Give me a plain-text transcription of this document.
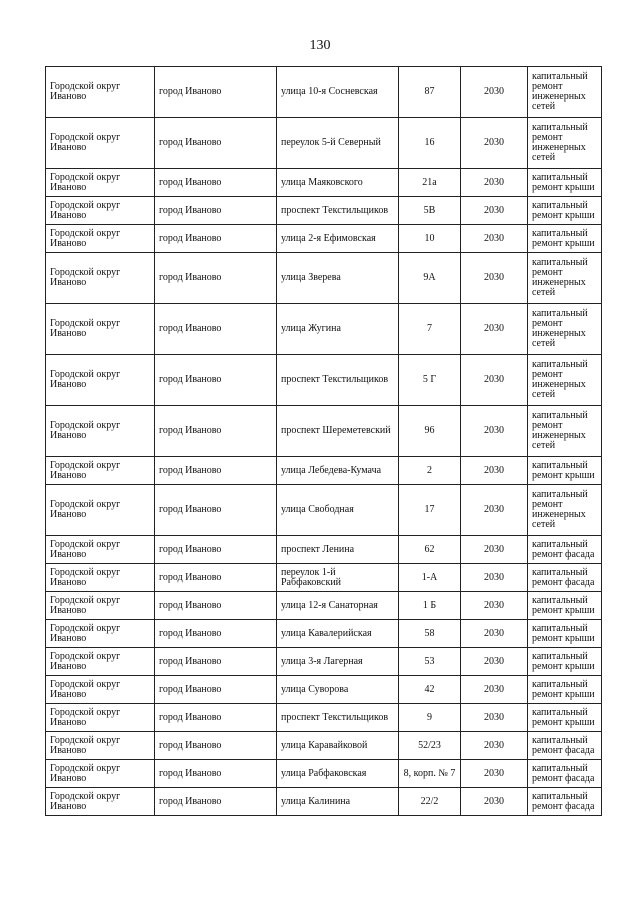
130
Городской округ Иваново	город Иваново	улица 10-я Сосневская	87	2030	капитальный ремонт инженерных сетей
Городской округ Иваново	город Иваново	переулок 5-й Северный	16	2030	капитальный ремонт инженерных сетей
Городской округ Иваново	город Иваново	улица Маяковского	21а	2030	капитальный ремонт крыши
Городской округ Иваново	город Иваново	проспект Текстильщиков	5В	2030	капитальный ремонт крыши
Городской округ Иваново	город Иваново	улица 2-я Ефимовская	10	2030	капитальный ремонт крыши
Городской округ Иваново	город Иваново	улица Зверева	9А	2030	капитальный ремонт инженерных сетей
Городской округ Иваново	город Иваново	улица Жугина	7	2030	капитальный ремонт инженерных сетей
Городской округ Иваново	город Иваново	проспект Текстильщиков	5 Г	2030	капитальный ремонт инженерных сетей
Городской округ Иваново	город Иваново	проспект Шереметевский	96	2030	капитальный ремонт инженерных сетей
Городской округ Иваново	город Иваново	улица Лебедева-Кумача	2	2030	капитальный ремонт крыши
Городской округ Иваново	город Иваново	улица Свободная	17	2030	капитальный ремонт инженерных сетей
Городской округ Иваново	город Иваново	проспект Ленина	62	2030	капитальный ремонт фасада
Городской округ Иваново	город Иваново	переулок 1-й Рабфаковский	1-А	2030	капитальный ремонт фасада
Городской округ Иваново	город Иваново	улица 12-я Санаторная	1 Б	2030	капитальный ремонт крыши
Городской округ Иваново	город Иваново	улица Кавалерийская	58	2030	капитальный ремонт крыши
Городской округ Иваново	город Иваново	улица 3-я Лагерная	53	2030	капитальный ремонт крыши
Городской округ Иваново	город Иваново	улица Суворова	42	2030	капитальный ремонт крыши
Городской округ Иваново	город Иваново	проспект Текстильщиков	9	2030	капитальный ремонт крыши
Городской округ Иваново	город Иваново	улица Каравайковой	52/23	2030	капитальный ремонт фасада
Городской округ Иваново	город Иваново	улица Рабфаковская	8, корп. № 7	2030	капитальный ремонт фасада
Городской округ Иваново	город Иваново	улица Калинина	22/2	2030	капитальный ремонт фасада
